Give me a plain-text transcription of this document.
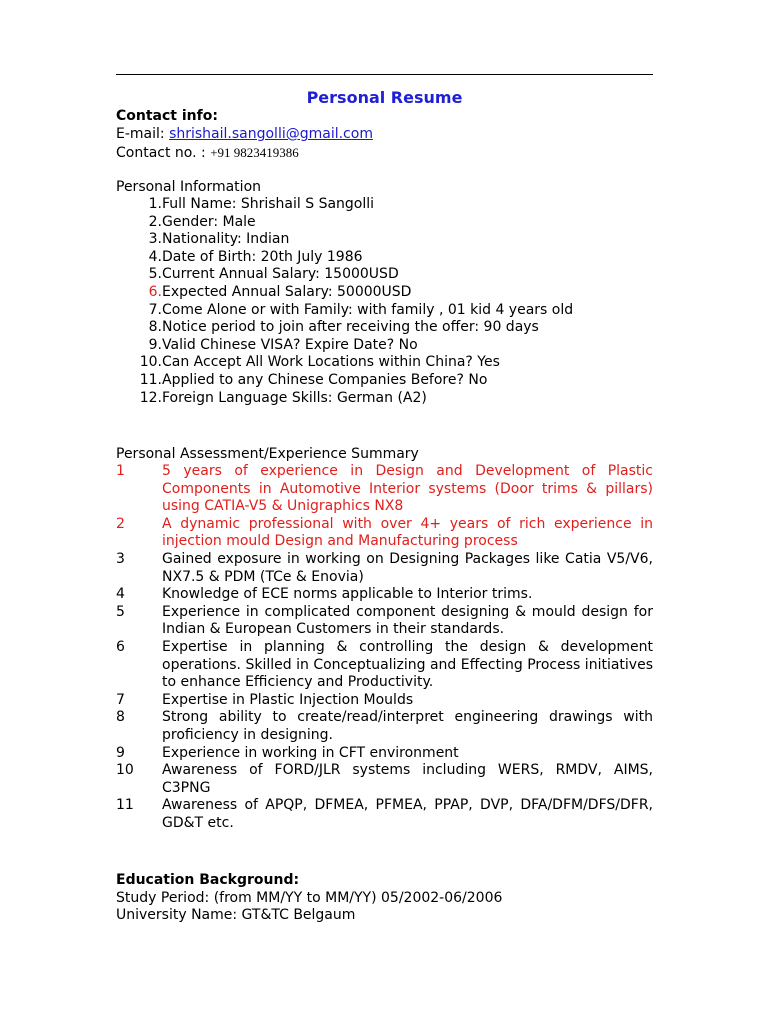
Personal Resume
Contact info:
E-mail: shrishail.sangolli@gmail.com
Contact no. : +91 9823419386
Personal Information
1. Full Name: Shrishail S Sangolli
2. Gender: Male
3. Nationality: Indian
4. Date of Birth: 20th July 1986
5. Current Annual Salary: 15000USD
6. Expected Annual Salary: 50000USD
7. Come Alone or with Family: with family , 01 kid 4 years old
8. Notice period to join after receiving the offer: 90 days
9. Valid Chinese VISA? Expire Date? No
10. Can Accept All Work Locations within China? Yes
11. Applied to any Chinese Companies Before? No
12. Foreign Language Skills: German (A2)
Personal Assessment/Experience Summary
1	5 years of experience in Design and Development of Plastic Components in Automotive Interior systems (Door trims & pillars) using CATIA-V5 & Unigraphics NX8
2	A dynamic professional with over 4+ years of rich experience in injection mould Design and Manufacturing process
3	Gained exposure in working on Designing Packages like Catia V5/V6, NX7.5 & PDM (TCe & Enovia)
4	Knowledge of ECE norms applicable to Interior trims.
5	Experience in complicated component designing & mould design for Indian & European Customers in their standards.
6	Expertise in planning & controlling the design & development operations. Skilled in Conceptualizing and Effecting Process initiatives to enhance Efficiency and Productivity.
7	Expertise in Plastic Injection Moulds
8	Strong ability to create/read/interpret engineering drawings with proficiency in designing.
9	Experience in working in CFT environment
10	Awareness of FORD/JLR systems including WERS, RMDV, AIMS, C3PNG
11	Awareness of APQP, DFMEA, PFMEA, PPAP, DVP, DFA/DFM/DFS/DFR, GD&T etc.
Education Background:
Study Period: (from MM/YY to MM/YY) 05/2002-06/2006
University Name: GT&TC Belgaum
